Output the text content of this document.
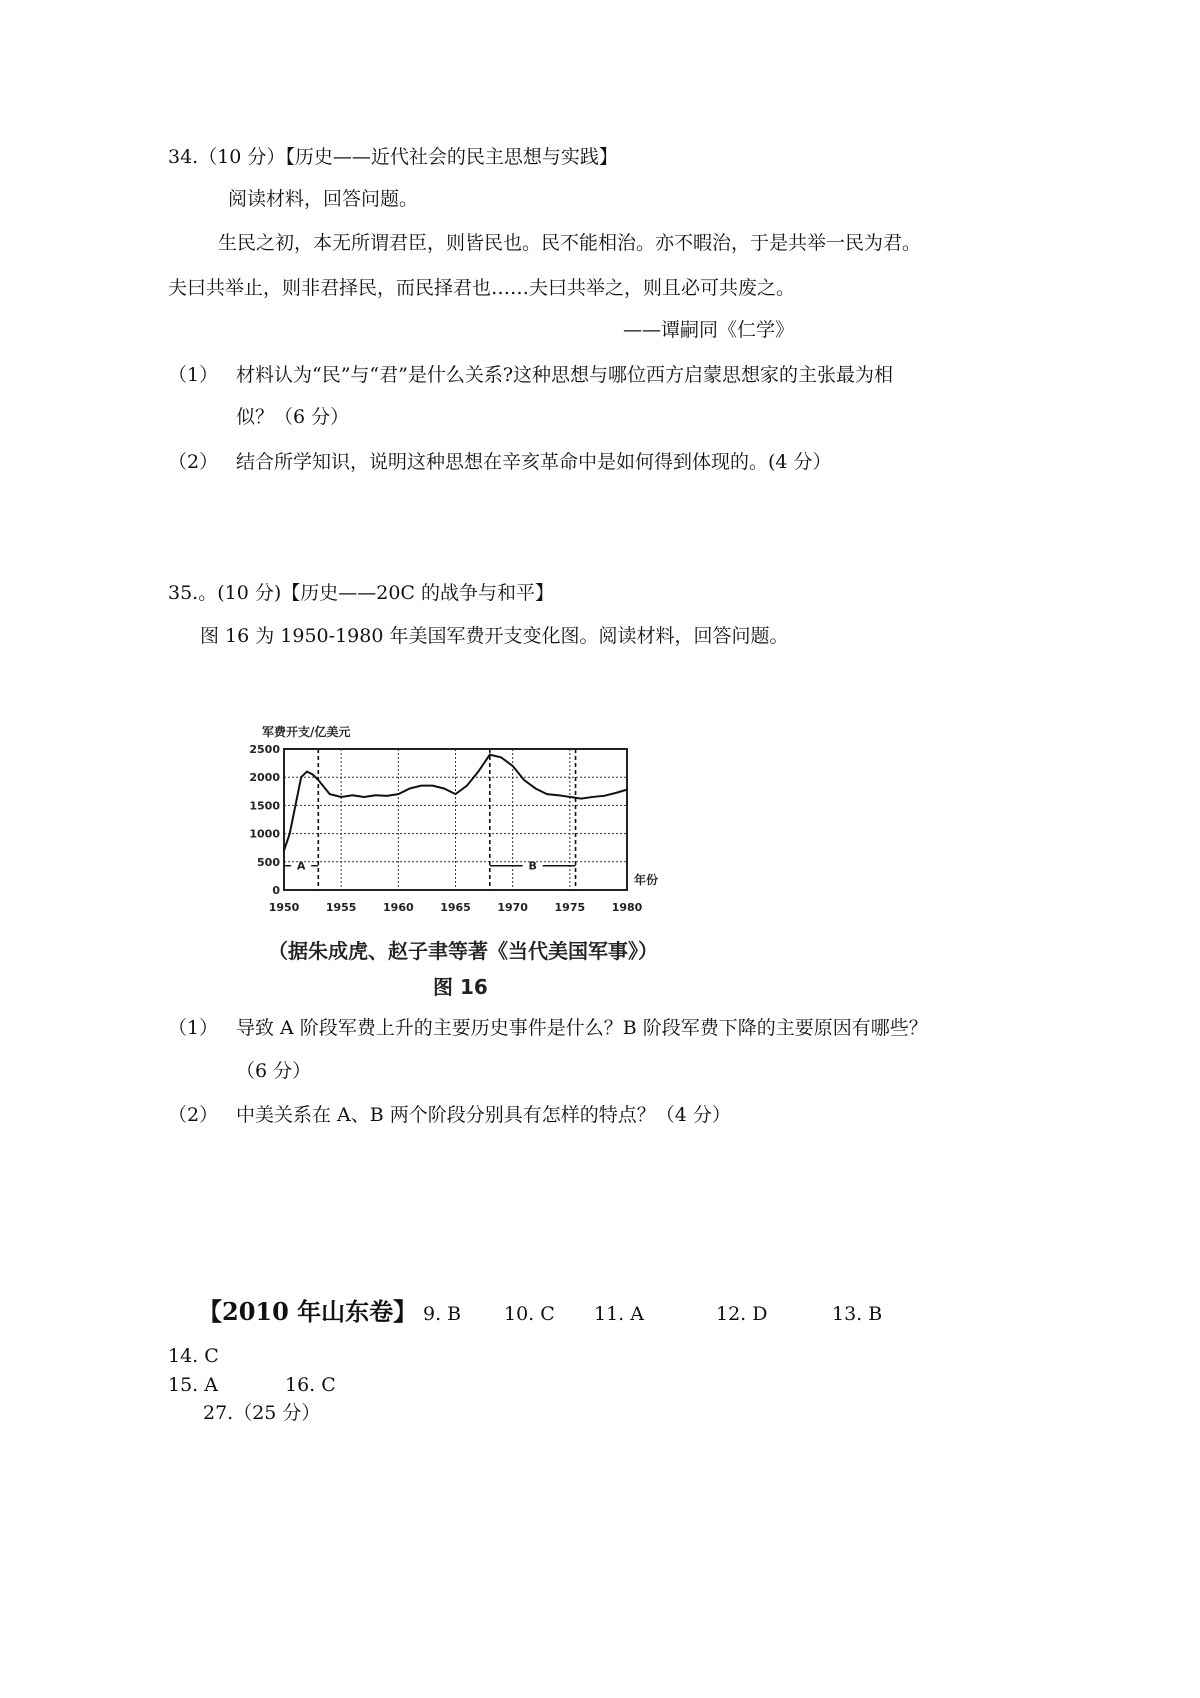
34.（10 分）【历史——近代社会的民主思想与实践】
阅读材料，回答问题。
生民之初，本无所谓君臣，则皆民也。民不能相治。亦不暇治，于是共举一民为君。
夫曰共举止，则非君择民，而民择君也……夫曰共举之，则且必可共废之。
——谭嗣同《仁学》
（1） 材料认为“民”与“君”是什么关系?这种思想与哪位西方启蒙思想家的主张最为相
似？（6 分）
（2） 结合所学知识，说明这种思想在辛亥革命中是如何得到体现的。(4 分）
35.。(10 分)【历史——20C 的战争与和平】
图 16 为 1950-1980 年美国军费开支变化图。阅读材料，回答问题。
0
500
1000
1500
2000
2500
1950 1955 1960 1965 1970 1975 1980
A	B
军费开支/亿美元
年份
（据朱成虎、赵子聿等著《当代美国军事》）
图 16
（1） 导致 A 阶段军费上升的主要历史事件是什么？B 阶段军费下降的主要原因有哪些？
（6 分）
（2） 中美关系在 A、B 两个阶段分别具有怎样的特点？（4 分）
【2010 年山东卷】 9. B 10. C 11. A	12. D	13. B
14. C
15. A	16. C
27.（25 分）
